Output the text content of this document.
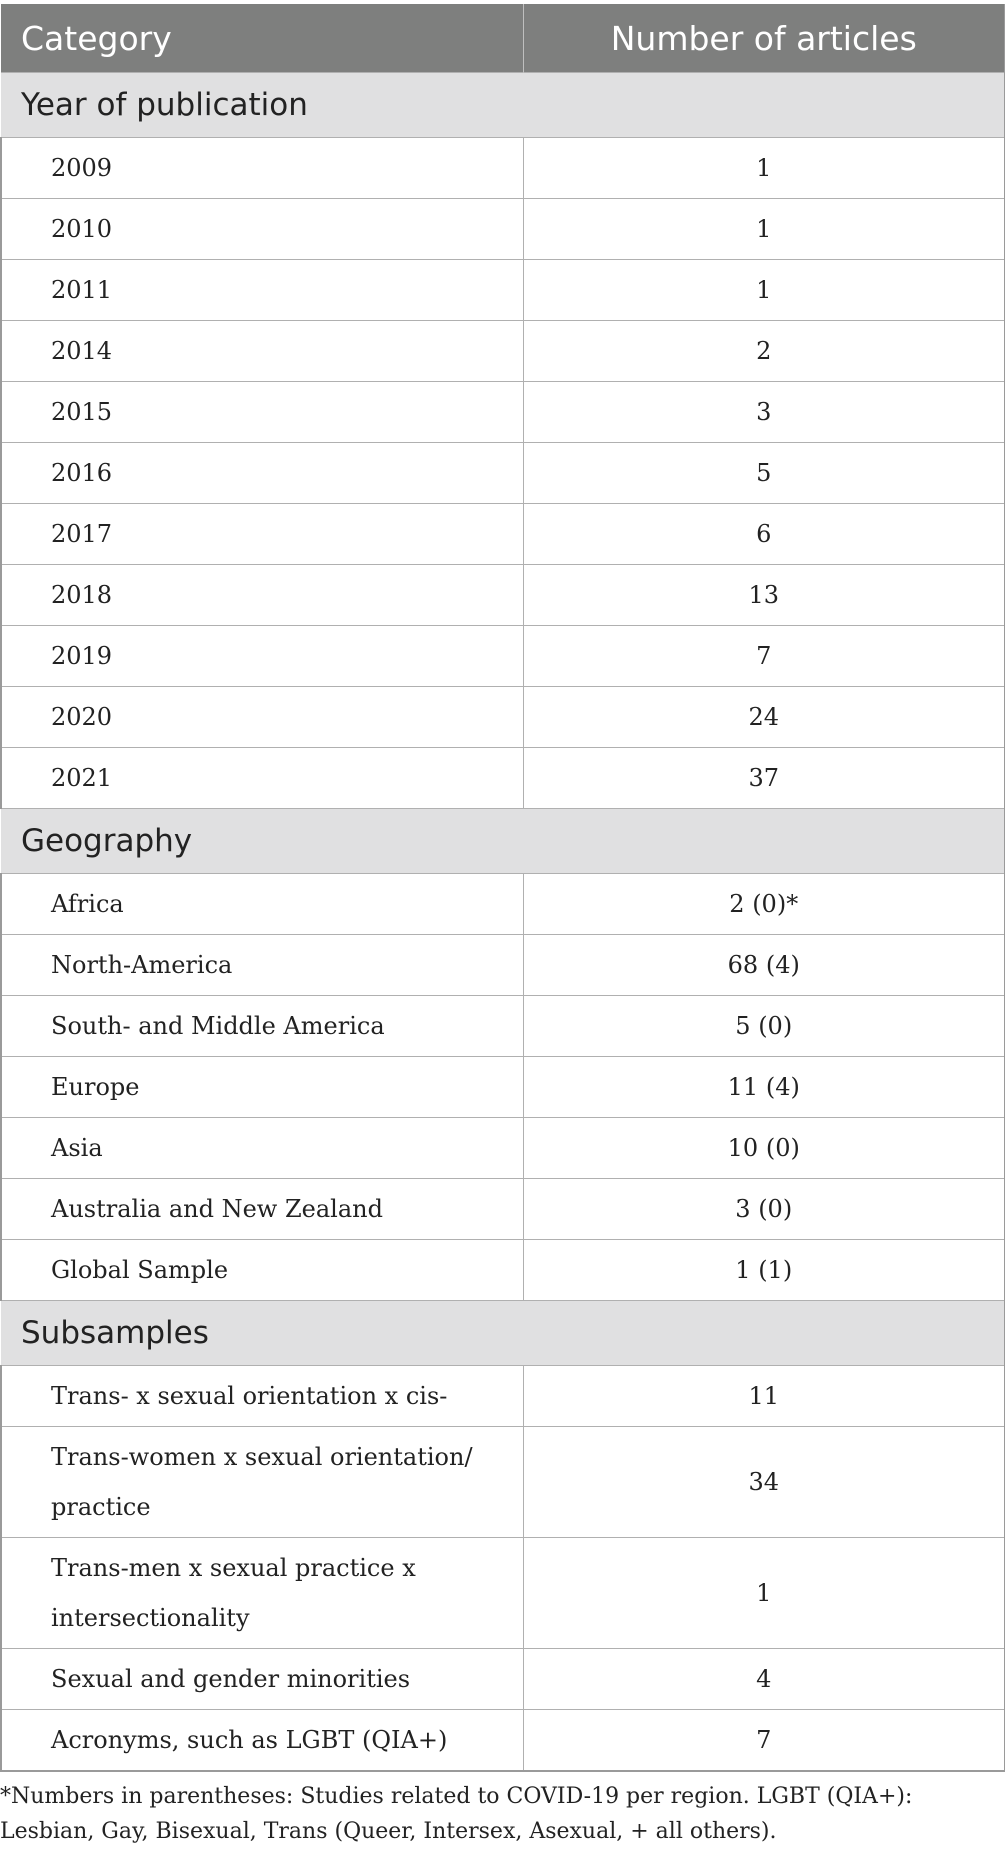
Category	Number of articles
Year of publication	
2009	1
2010	1
2011	1
2014	2
2015	3
2016	5
2017	6
2018	13
2019	7
2020	24
2021	37
Geography	
Africa	2 (0)*
North-America	68 (4)
South- and Middle America	5 (0)
Europe	11 (4)
Asia	10 (0)
Australia and New Zealand	3 (0)
Global Sample	1 (1)
Subsamples	
Trans- x sexual orientation x cis-	11
Trans-women x sexual orientation/ practice	34
Trans-men x sexual practice x intersectionality	1
Sexual and gender minorities	4
Acronyms, such as LGBT (QIA+)	7

*Numbers in parentheses: Studies related to COVID-19 per region. LGBT (QIA+): Lesbian, Gay, Bisexual, Trans (Queer, Intersex, Asexual, + all others).
